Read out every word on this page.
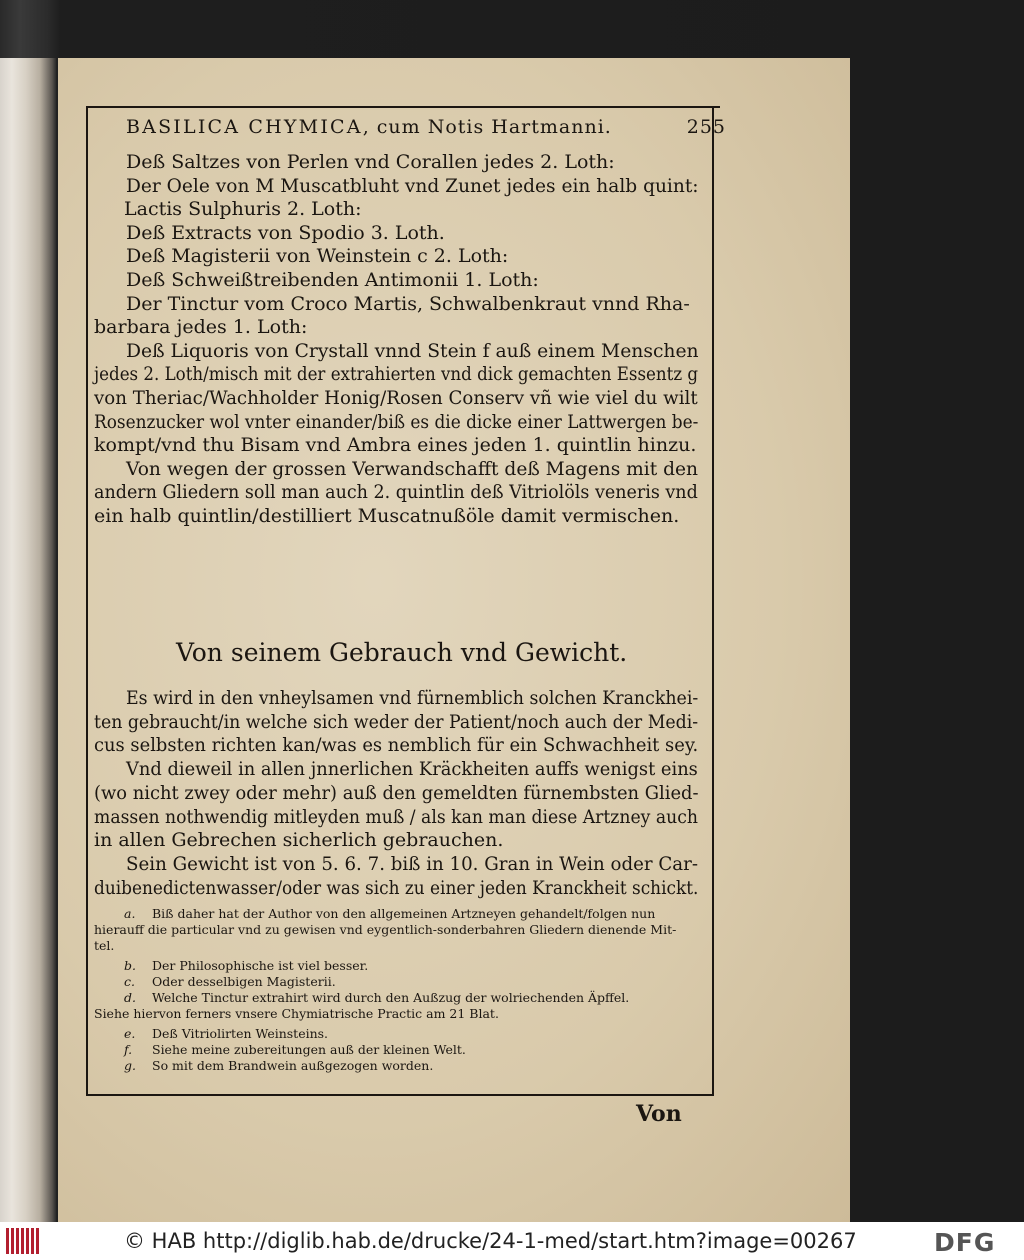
BASILICA CHYMICA, cum Notis Hartmanni.	255
Deß Saltzes von Perlen vnd Corallen jedes 2. Loth:
Der Oele von M Muscatbluht vnd Zunet jedes ein halb quint:
Lactis Sulphuris 2. Loth:
Deß Extracts von Spodio 3. Loth.
Deß Magisterii von Weinstein c 2. Loth:
Deß Schweißtreibenden Antimonii 1. Loth:
Der Tinctur vom Croco Martis, Schwalbenkraut vnnd Rha-
barbara jedes 1. Loth:
Deß Liquoris von Crystall vnnd Stein f auß einem Menschen
jedes 2. Loth/misch mit der extrahierten vnd dick gemachten Essentz g
von Theriac/Wachholder Honig/Rosen Conserv vñ wie viel du wilt
Rosenzucker wol vnter einander/biß es die dicke einer Lattwergen be-
kompt/vnd thu Bisam vnd Ambra eines jeden 1. quintlin hinzu.
Von wegen der grossen Verwandschafft deß Magens mit den
andern Gliedern soll man auch 2. quintlin deß Vitriolöls veneris vnd
ein halb quintlin/destilliert Muscatnußöle damit vermischen.
Von seinem Gebrauch vnd Gewicht.
Es wird in den vnheylsamen vnd fürnemblich solchen Kranckhei-
ten gebraucht/in welche sich weder der Patient/noch auch der Medi-
cus selbsten richten kan/was es nemblich für ein Schwachheit sey.
Vnd dieweil in allen jnnerlichen Kräckheiten auffs wenigst eins
(wo nicht zwey oder mehr) auß den gemeldten fürnembsten Glied-
massen nothwendig mitleyden muß / als kan man diese Artzney auch
in allen Gebrechen sicherlich gebrauchen.
Sein Gewicht ist von 5. 6. 7. biß in 10. Gran in Wein oder Car-
duibenedictenwasser/oder was sich zu einer jeden Kranckheit schickt.
a. Biß daher hat der Author von den allgemeinen Artzneyen gehandelt/folgen nun
hierauff die particular vnd zu gewisen vnd eygentlich-sonderbahren Gliedern dienende Mit-
tel.
b. Der Philosophische ist viel besser.
c. Oder desselbigen Magisterii.
d. Welche Tinctur extrahirt wird durch den Außzug der wolriechenden Äpffel.
Siehe hiervon ferners vnsere Chymiatrische Practic am 21 Blat.
e. Deß Vitriolirten Weinsteins.
f. Siehe meine zubereitungen auß der kleinen Welt.
g. So mit dem Brandwein außgezogen worden.
Von
© HAB http://diglib.hab.de/drucke/24-1-med/start.htm?image=00267	DFG
